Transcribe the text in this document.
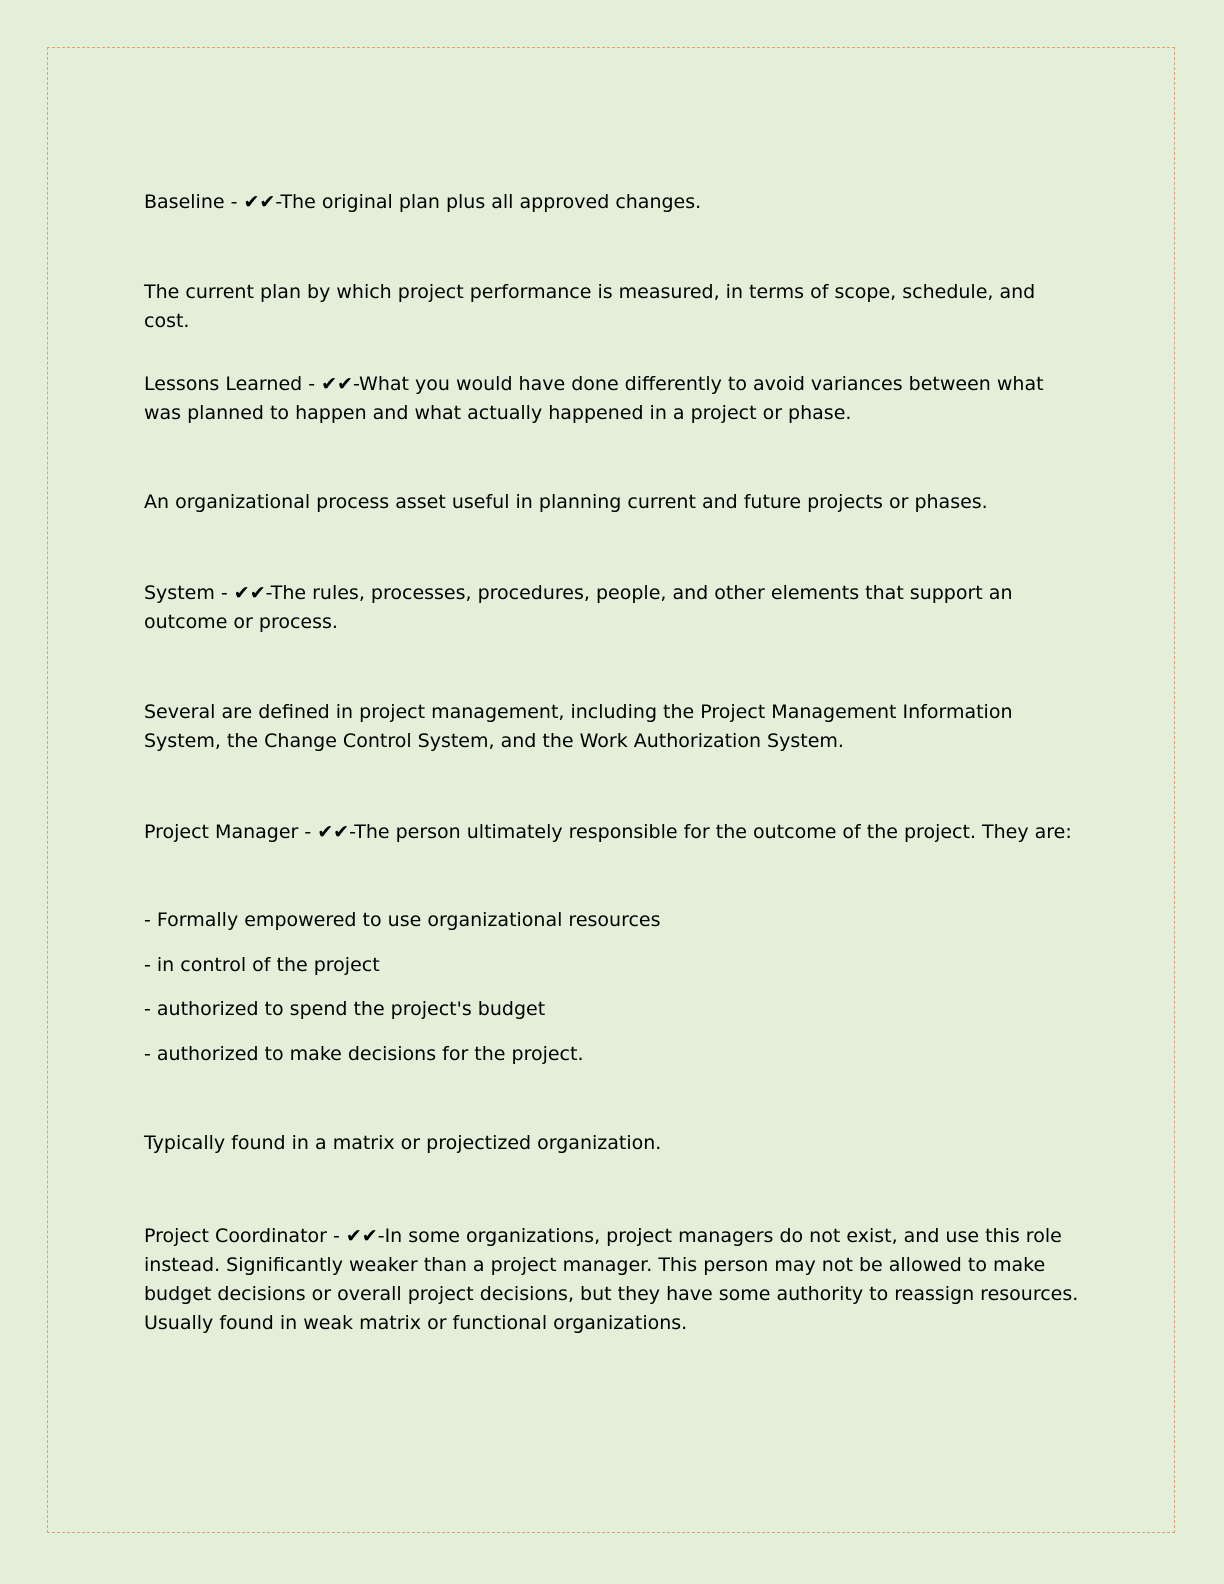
Baseline - ✔✔-The original plan plus all approved changes.
The current plan by which project performance is measured, in terms of scope, schedule, and cost.
Lessons Learned - ✔✔-What you would have done differently to avoid variances between what was planned to happen and what actually happened in a project or phase.
An organizational process asset useful in planning current and future projects or phases.
System - ✔✔-The rules, processes, procedures, people, and other elements that support an outcome or process.
Several are defined in project management, including the Project Management Information System, the Change Control System, and the Work Authorization System.
Project Manager - ✔✔-The person ultimately responsible for the outcome of the project. They are:
- Formally empowered to use organizational resources
- in control of the project
- authorized to spend the project's budget
- authorized to make decisions for the project.
Typically found in a matrix or projectized organization.
Project Coordinator - ✔✔-In some organizations, project managers do not exist, and use this role instead. Significantly weaker than a project manager. This person may not be allowed to make budget decisions or overall project decisions, but they have some authority to reassign resources. Usually found in weak matrix or functional organizations.
